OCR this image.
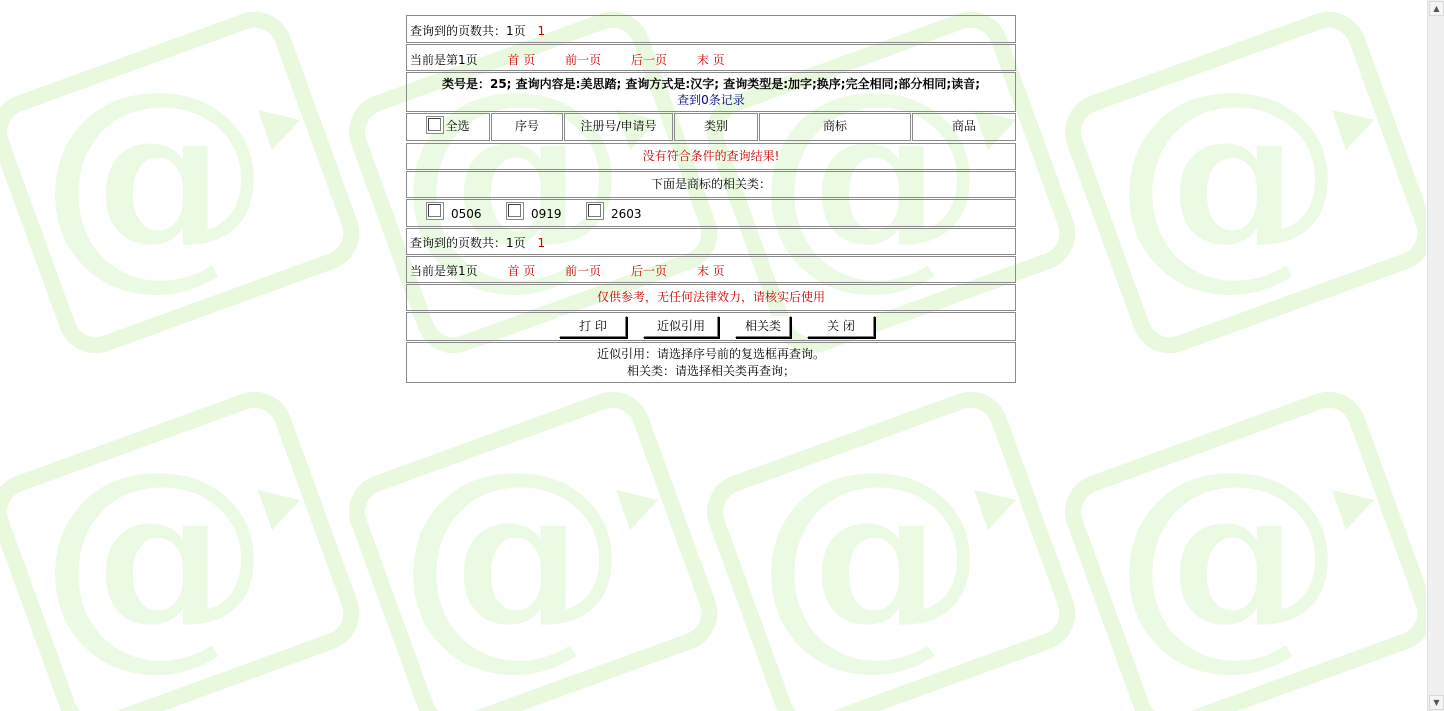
▲
▼
查询到的页数共：1页 1
当前是第1页 首 页 前一页 后一页 末 页
类号是：25; 查询内容是:美思踏; 查询方式是:汉字; 查询类型是:加字;换序;完全相同;部分相同;读音;
查到0条记录
全选	序号	注册号/申请号	类别	商标	商品
没有符合条件的查询结果!
下面是商标的相关类：
0506	0919	2603
查询到的页数共：1页 1
当前是第1页 首 页 前一页 后一页 末 页
仅供参考，无任何法律效力，请核实后使用
打 印	近似引用	相关类	关 闭
近似引用：请选择序号前的复选框再查询。
相关类：请选择相关类再查询；
